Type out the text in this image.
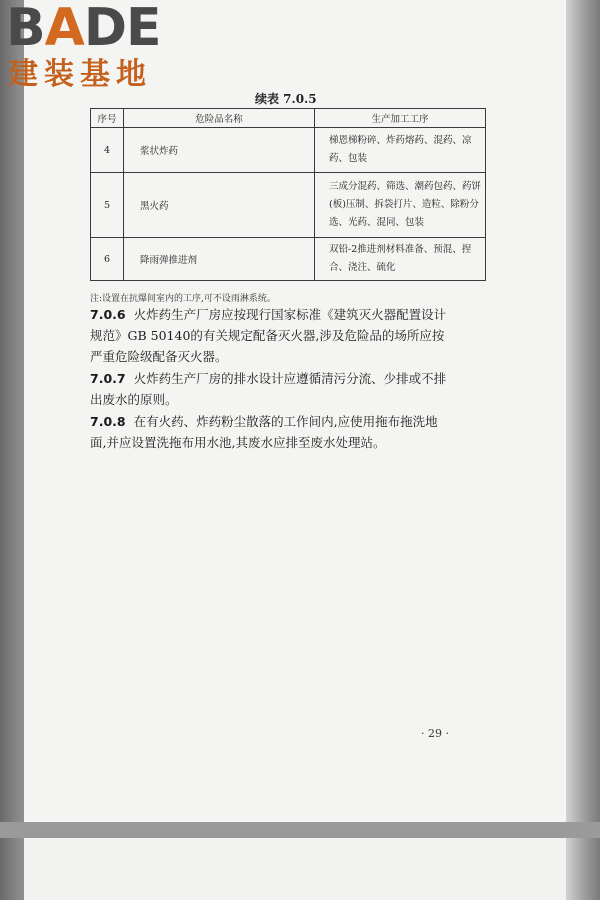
BADE
建装基地
续表 7.0.5
序号	危险品名称	生产加工工序
4	浆状炸药	梯恩梯粉碎、炸药熔药、混药、凉药、包装
5	黑火药	三成分混药、筛选、潮药包药、药饼(板)压制、拆袋打片、造粒、除粉分选、光药、混同、包装
6	降雨弹推进剂	双铅-2推进剂材料准备、预混、捏合、浇注、硫化
注:设置在抗爆间室内的工序,可不设雨淋系统。
7.0.6 火炸药生产厂房应按现行国家标准《建筑灭火器配置设计规范》GB 50140的有关规定配备灭火器,涉及危险品的场所应按严重危险级配备灭火器。
7.0.7 火炸药生产厂房的排水设计应遵循清污分流、少排或不排出废水的原则。
7.0.8 在有火药、炸药粉尘散落的工作间内,应使用拖布拖洗地面,并应设置洗拖布用水池,其废水应排至废水处理站。
· 29 ·
